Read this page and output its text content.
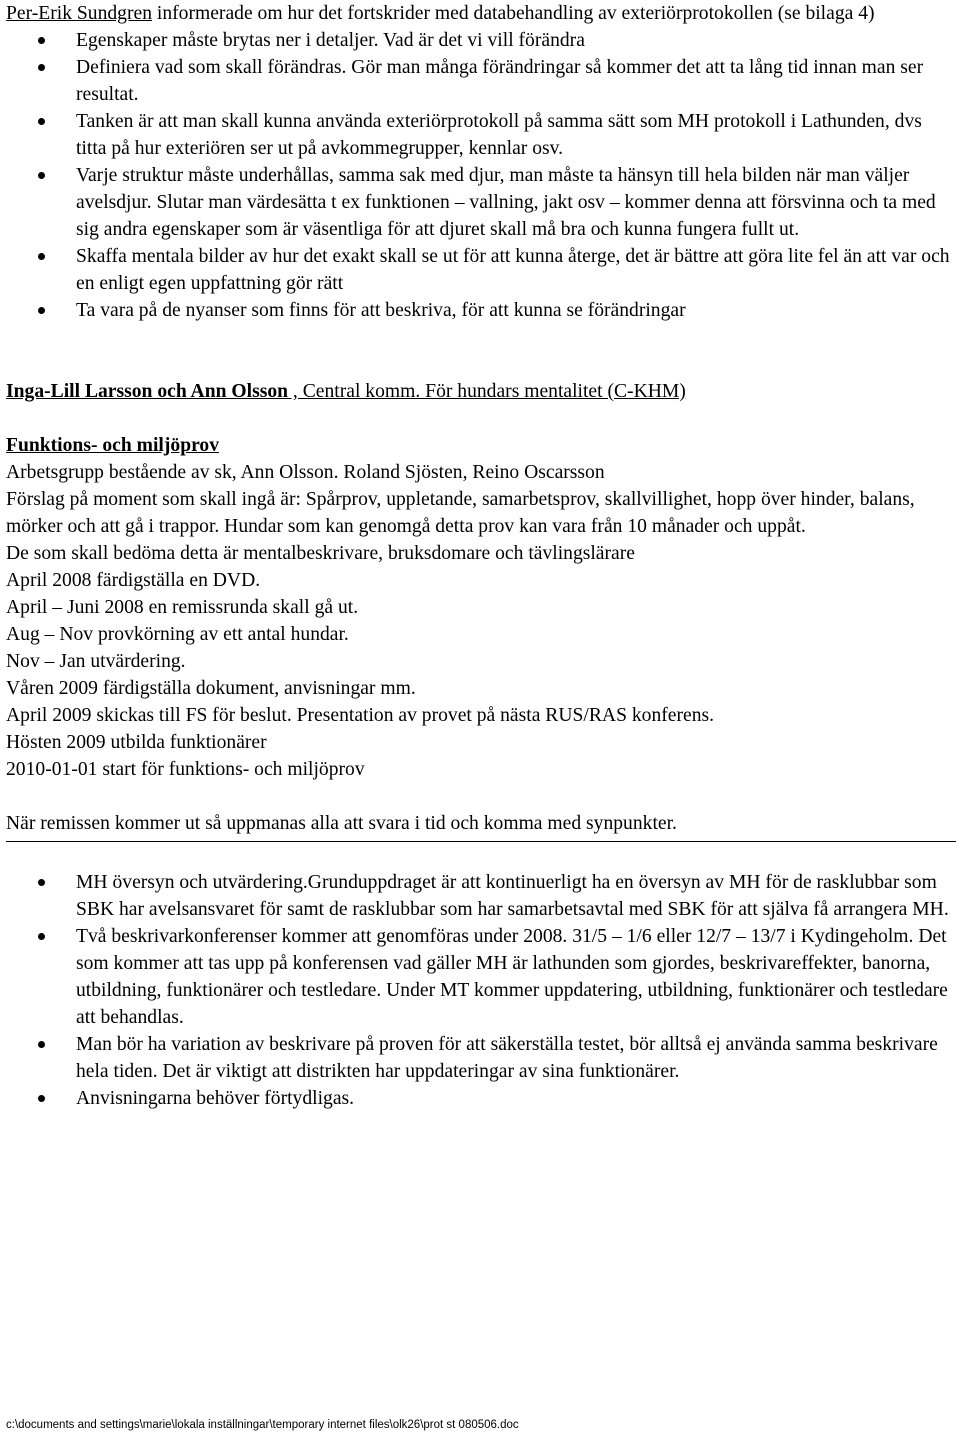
Per-Erik Sundgren informerade om hur det fortskrider med databehandling av exteriörprotokollen (se bilaga 4)

Egenskaper måste brytas ner i detaljer. Vad är det vi vill förändra
Definiera vad som skall förändras. Gör man många förändringar så kommer det att ta lång tid innan man ser resultat.
Tanken är att man skall kunna använda exteriörprotokoll på samma sätt som MH protokoll i Lathunden, dvs titta på hur exteriören ser ut på avkommegrupper, kennlar osv.
Varje struktur måste underhållas, samma sak med djur, man måste ta hänsyn till hela bilden när man väljer avelsdjur. Slutar man värdesätta t ex funktionen – vallning, jakt osv – kommer denna att försvinna och ta med sig andra egenskaper som är väsentliga för att djuret skall må bra och kunna fungera fullt ut.
Skaffa mentala bilder av hur det exakt skall se ut för att kunna återge, det är bättre att göra lite fel än att var och en enligt egen uppfattning gör rätt
Ta vara på de nyanser som finns för att beskriva, för att kunna se förändringar

Inga-Lill Larsson och Ann Olsson , Central komm. För hundars mentalitet (C-KHM)

Funktions- och miljöprov

Arbetsgrupp bestående av sk, Ann Olsson. Roland Sjösten, Reino Oscarsson

Förslag på moment som skall ingå är: Spårprov, uppletande, samarbetsprov, skallvillighet, hopp över hinder, balans, mörker och att gå i trappor. Hundar som kan genomgå detta prov kan vara från 10 månader och uppåt.

De som skall bedöma detta är mentalbeskrivare, bruksdomare och tävlingslärare

April 2008 färdigställa en DVD.

April – Juni 2008 en remissrunda skall gå ut.

Aug – Nov provkörning av ett antal hundar.

Nov – Jan utvärdering.

Våren 2009 färdigställa dokument, anvisningar mm.

April 2009 skickas till FS för beslut. Presentation av provet på nästa RUS/RAS konferens.

Hösten 2009 utbilda funktionärer

2010-01-01 start för funktions- och miljöprov

När remissen kommer ut så uppmanas alla att svara i tid och komma med synpunkter.

MH översyn och utvärdering.Grunduppdraget är att kontinuerligt ha en översyn av MH för de rasklubbar som SBK har avelsansvaret för samt de rasklubbar som har samarbetsavtal med SBK för att själva få arrangera MH.
Två beskrivarkonferenser kommer att genomföras under 2008. 31/5 – 1/6 eller 12/7 – 13/7 i Kydingeholm. Det som kommer att tas upp på konferensen vad gäller MH är lathunden som gjordes, beskrivareffekter, banorna, utbildning, funktionärer och testledare. Under MT kommer uppdatering, utbildning, funktionärer och testledare att behandlas.
Man bör ha variation av beskrivare på proven för att säkerställa testet, bör alltså ej använda samma beskrivare hela tiden. Det är viktigt att distrikten har uppdateringar av sina funktionärer.
Anvisningarna behöver förtydligas.
c:\documents and settings\marie\lokala inställningar\temporary internet files\olk26\prot st 080506.doc
